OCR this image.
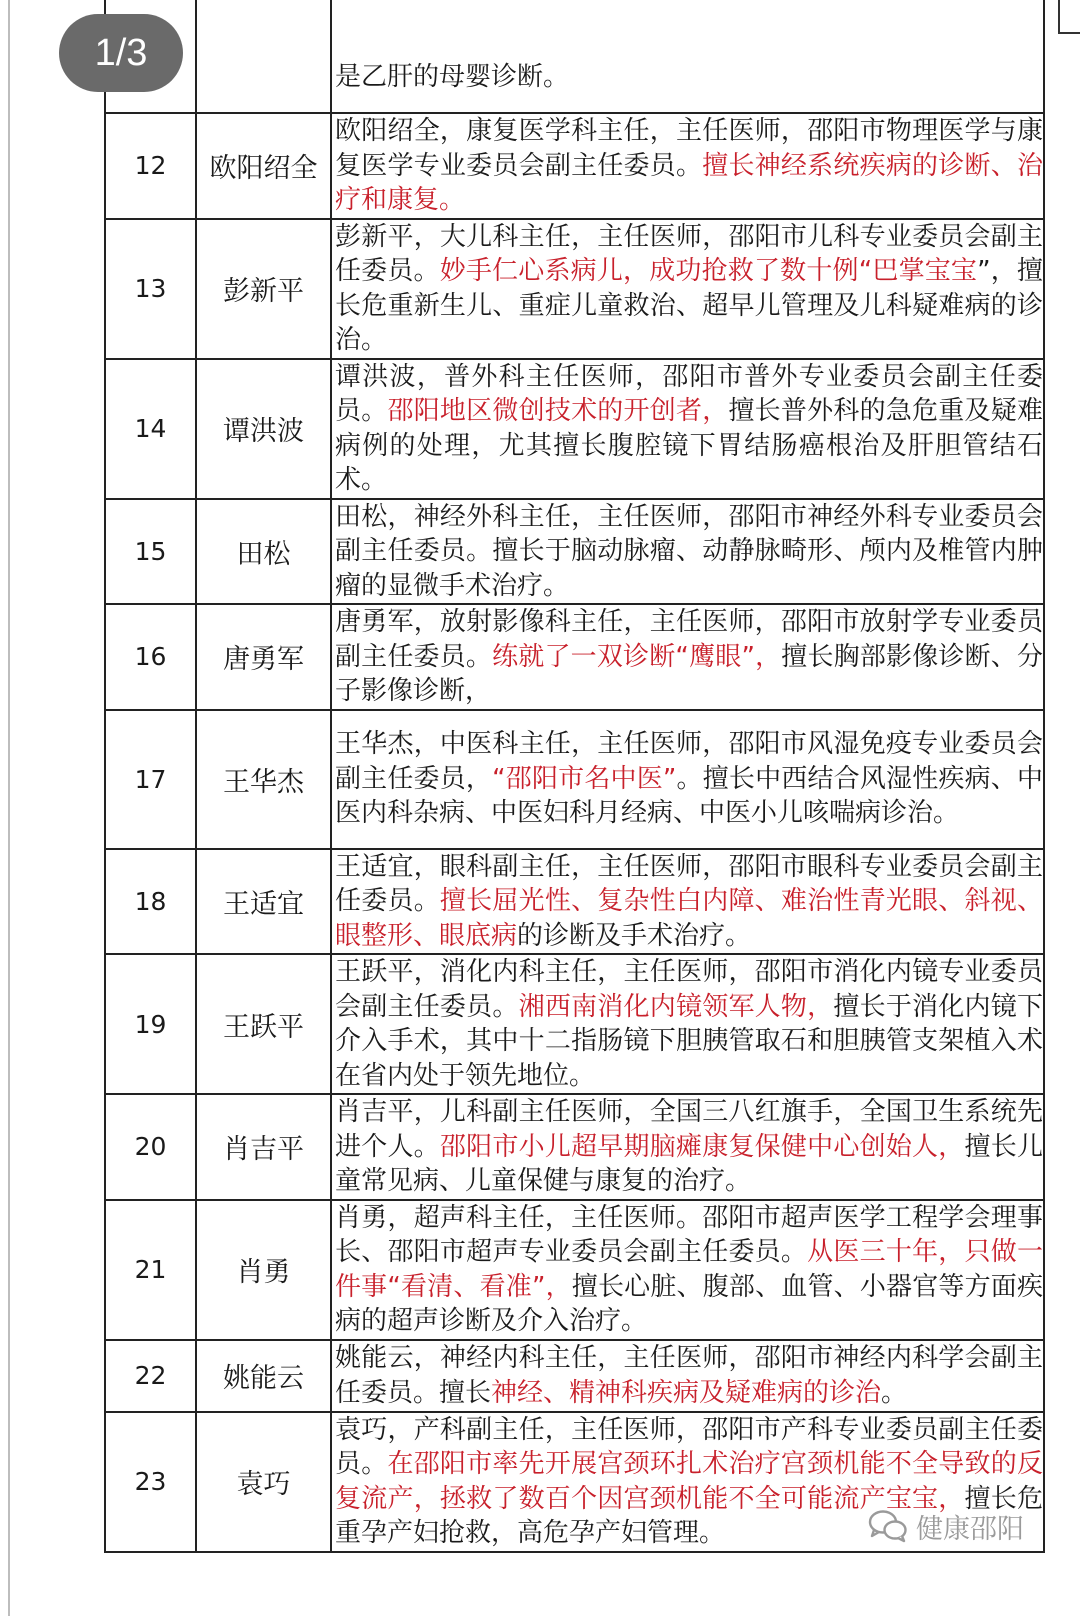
		是乙肝的母婴诊断。
12	欧阳绍全	欧阳绍全，康复医学科主任，主任医师，邵阳市物理医学与康复医学专业委员会副主任委员。擅长神经系统疾病的诊断、治疗和康复。
13	彭新平	彭新平，大儿科主任，主任医师，邵阳市儿科专业委员会副主任委员。妙手仁心系病儿，成功抢救了数十例“巴掌宝宝”，擅长危重新生儿、重症儿童救治、超早儿管理及儿科疑难病的诊治。
14	谭洪波	谭洪波，普外科主任医师，邵阳市普外专业委员会副主任委员。邵阳地区微创技术的开创者，擅长普外科的急危重及疑难病例的处理，尤其擅长腹腔镜下胃结肠癌根治及肝胆管结石术。
15	田松	田松，神经外科主任，主任医师，邵阳市神经外科专业委员会副主任委员。擅长于脑动脉瘤、动静脉畸形、颅内及椎管内肿瘤的显微手术治疗。
16	唐勇军	唐勇军，放射影像科主任，主任医师，邵阳市放射学专业委员副主任委员。练就了一双诊断“鹰眼”，擅长胸部影像诊断、分子影像诊断，
17	王华杰	王华杰，中医科主任，主任医师，邵阳市风湿免疫专业委员会副主任委员，“邵阳市名中医”。擅长中西结合风湿性疾病、中医内科杂病、中医妇科月经病、中医小儿咳喘病诊治。
18	王适宜	王适宜，眼科副主任，主任医师，邵阳市眼科专业委员会副主任委员。擅长屈光性、复杂性白内障、难治性青光眼、斜视、眼整形、眼底病的诊断及手术治疗。
19	王跃平	王跃平，消化内科主任，主任医师，邵阳市消化内镜专业委员会副主任委员。湘西南消化内镜领军人物，擅长于消化内镜下介入手术，其中十二指肠镜下胆胰管取石和胆胰管支架植入术在省内处于领先地位。
20	肖吉平	肖吉平，儿科副主任医师，全国三八红旗手，全国卫生系统先进个人。邵阳市小儿超早期脑瘫康复保健中心创始人，擅长儿童常见病、儿童保健与康复的治疗。
21	肖勇	肖勇，超声科主任，主任医师。邵阳市超声医学工程学会理事长、邵阳市超声专业委员会副主任委员。从医三十年，只做一件事“看清、看准”，擅长心脏、腹部、血管、小器官等方面疾病的超声诊断及介入治疗。
22	姚能云	姚能云，神经内科主任，主任医师，邵阳市神经内科学会副主任委员。擅长神经、精神科疾病及疑难病的诊治。
23	袁巧	袁巧，产科副主任，主任医师，邵阳市产科专业委员副主任委员。在邵阳市率先开展宫颈环扎术治疗宫颈机能不全导致的反复流产，拯救了数百个因宫颈机能不全可能流产宝宝，擅长危重孕产妇抢救，高危孕产妇管理。
1/3
健康邵阳
